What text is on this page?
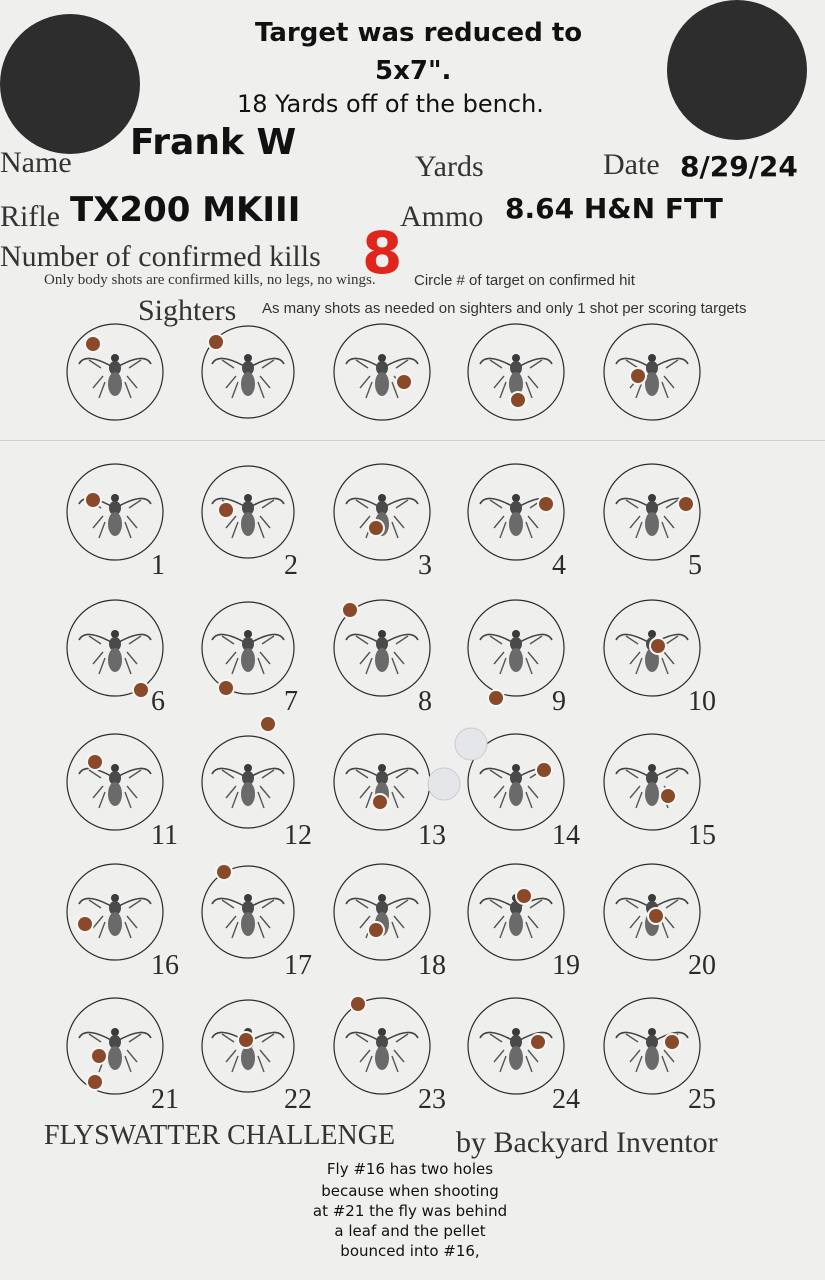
Target was reduced to
5x7".
18 Yards off of the bench.
Name Frank W
Yards	Date 8/29/24
Rifle TX200 MKIII	Ammo 8.64 H&N FTT
Number of confirmed kills 8
Only body shots are confirmed kills, no legs, no wings.	Circle # of target on confirmed hit
Sighters As many shots as needed on sighters and only 1 shot per scoring targets
1	2	3	4	5
6	7	8	9	10
11	12	13	14	15
16	17	18	19	20
21	22	23	24	25
FLYSWATTER CHALLENGE by Backyard Inventor
Fly #16 has two holes
because when shooting
at #21 the fly was behind
a leaf and the pellet
bounced into #16,
